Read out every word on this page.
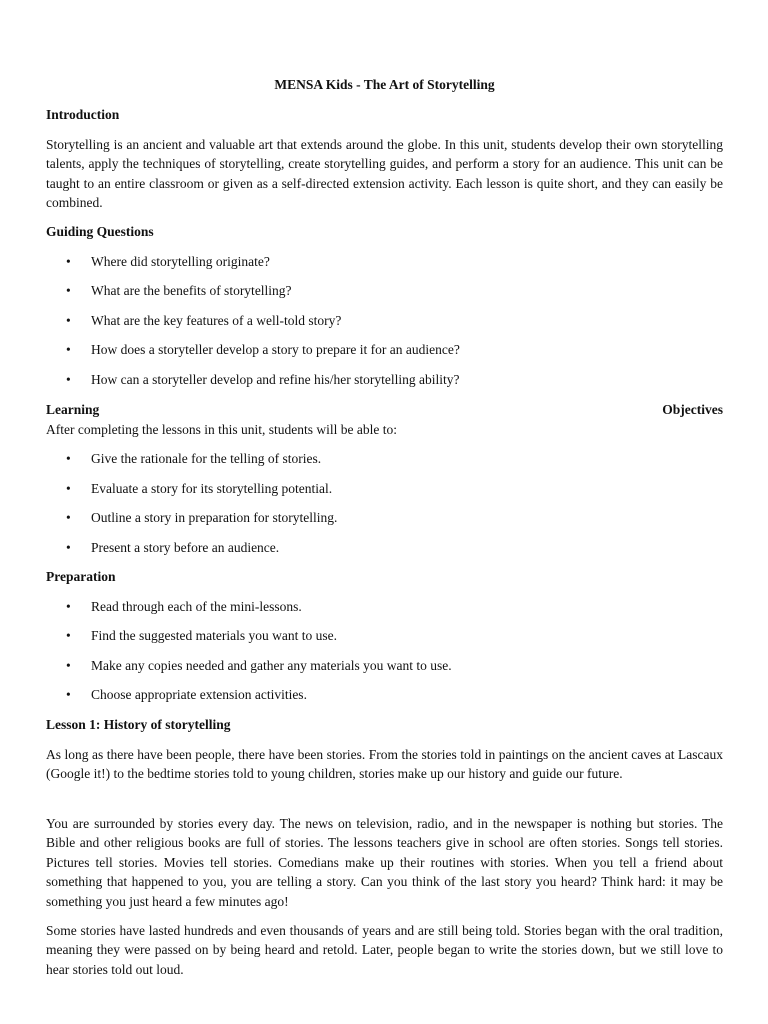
MENSA Kids - The Art of Storytelling
Introduction

Storytelling is an ancient and valuable art that extends around the globe. In this unit, students develop their own storytelling talents, apply the techniques of storytelling, create storytelling guides, and perform a story for an audience. This unit can be taught to an entire classroom or given as a self-directed extension activity. Each lesson is quite short, and they can easily be combined.

Guiding Questions
• Where did storytelling originate?
• What are the benefits of storytelling?
• What are the key features of a well-told story?
• How does a storyteller develop a story to prepare it for an audience?
• How can a storyteller develop and refine his/her storytelling ability?
Learning	Objectives
After completing the lessons in this unit, students will be able to:
• Give the rationale for the telling of stories.
• Evaluate a story for its storytelling potential.
• Outline a story in preparation for storytelling.
• Present a story before an audience.
Preparation
• Read through each of the mini-lessons.
• Find the suggested materials you want to use.
• Make any copies needed and gather any materials you want to use.
• Choose appropriate extension activities.
Lesson 1: History of storytelling

As long as there have been people, there have been stories. From the stories told in paintings on the ancient caves at Lascaux (Google it!) to the bedtime stories told to young children, stories make up our history and guide our future.

You are surrounded by stories every day. The news on television, radio, and in the newspaper is nothing but stories. The Bible and other religious books are full of stories. The lessons teachers give in school are often stories. Songs tell stories. Pictures tell stories. Movies tell stories. Comedians make up their routines with stories. When you tell a friend about something that happened to you, you are telling a story. Can you think of the last story you heard? Think hard: it may be something you just heard a few minutes ago!

Some stories have lasted hundreds and even thousands of years and are still being told. Stories began with the oral tradition, meaning they were passed on by being heard and retold. Later, people began to write the stories down, but we still love to hear stories told out loud.
